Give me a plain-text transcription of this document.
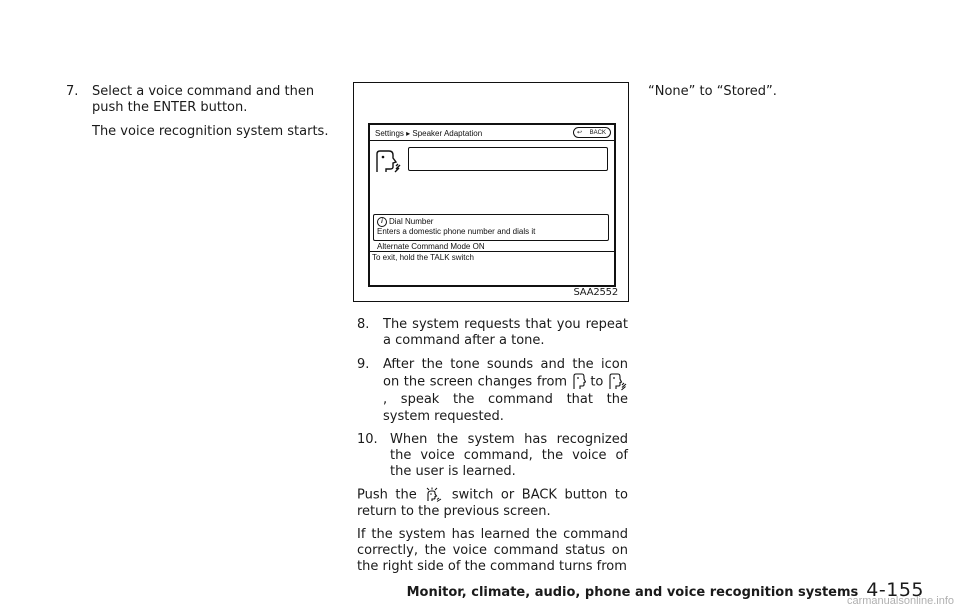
7. Select a voice command and then push the ENTER button.

The voice recognition system starts.	Settings ▸ Speaker Adaptation	↩ BACK
i Dial Number
Enters a domestic phone number and dials it
Alternate Command Mode ON
To exit, hold the TALK switch
SAA2552

8. The system requests that you repeat a command after a tone.

9. After the tone sounds and the icon on the screen changes from to , speak the command that the system requested.

10. When the system has recognized the voice command, the voice of the user is learned.

Push the	switch or BACK button to return to the previous screen.

If the system has learned the command correctly, the voice command status on the right side of the command turns from

“None” to “Stored”.

Monitor, climate, audio, phone and voice recognition systems 4-155
carmanualsonline.info
